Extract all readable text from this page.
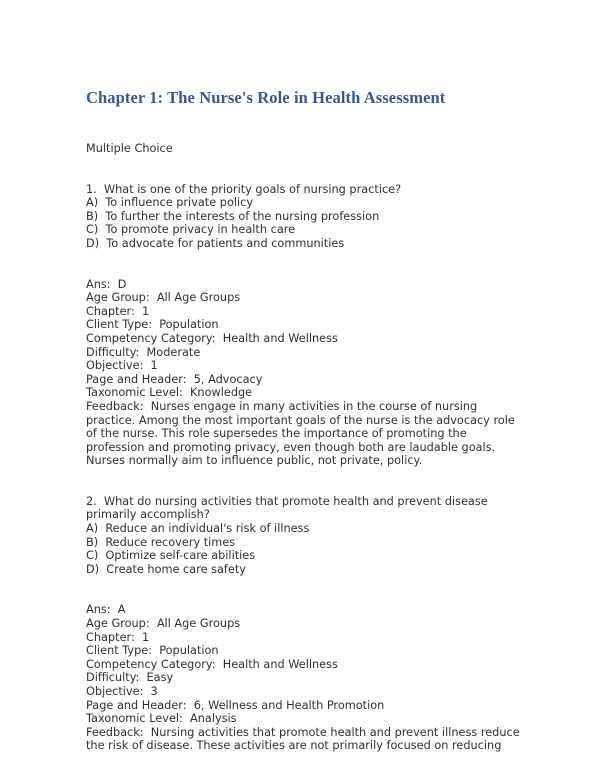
Chapter 1: The Nurse's Role in Health Assessment
Multiple Choice
1.  What is one of the priority goals of nursing practice?
A)  To influence private policy
B)  To further the interests of the nursing profession
C)  To promote privacy in health care
D)  To advocate for patients and communities
Ans:  D
Age Group:  All Age Groups
Chapter:  1
Client Type:  Population
Competency Category:  Health and Wellness
Difficulty:  Moderate
Objective:  1
Page and Header:  5, Advocacy
Taxonomic Level:  Knowledge
Feedback:  Nurses engage in many activities in the course of nursing practice. Among the most important goals of the nurse is the advocacy role of the nurse. This role supersedes the importance of promoting the profession and promoting privacy, even though both are laudable goals. Nurses normally aim to influence public, not private, policy.
2.  What do nursing activities that promote health and prevent disease primarily accomplish?
A)  Reduce an individual's risk of illness
B)  Reduce recovery times
C)  Optimize self-care abilities
D)  Create home care safety
Ans:  A
Age Group:  All Age Groups
Chapter:  1
Client Type:  Population
Competency Category:  Health and Wellness
Difficulty:  Easy
Objective:  3
Page and Header:  6, Wellness and Health Promotion
Taxonomic Level:  Analysis
Feedback:  Nursing activities that promote health and prevent illness reduce the risk of disease. These activities are not primarily focused on reducing
